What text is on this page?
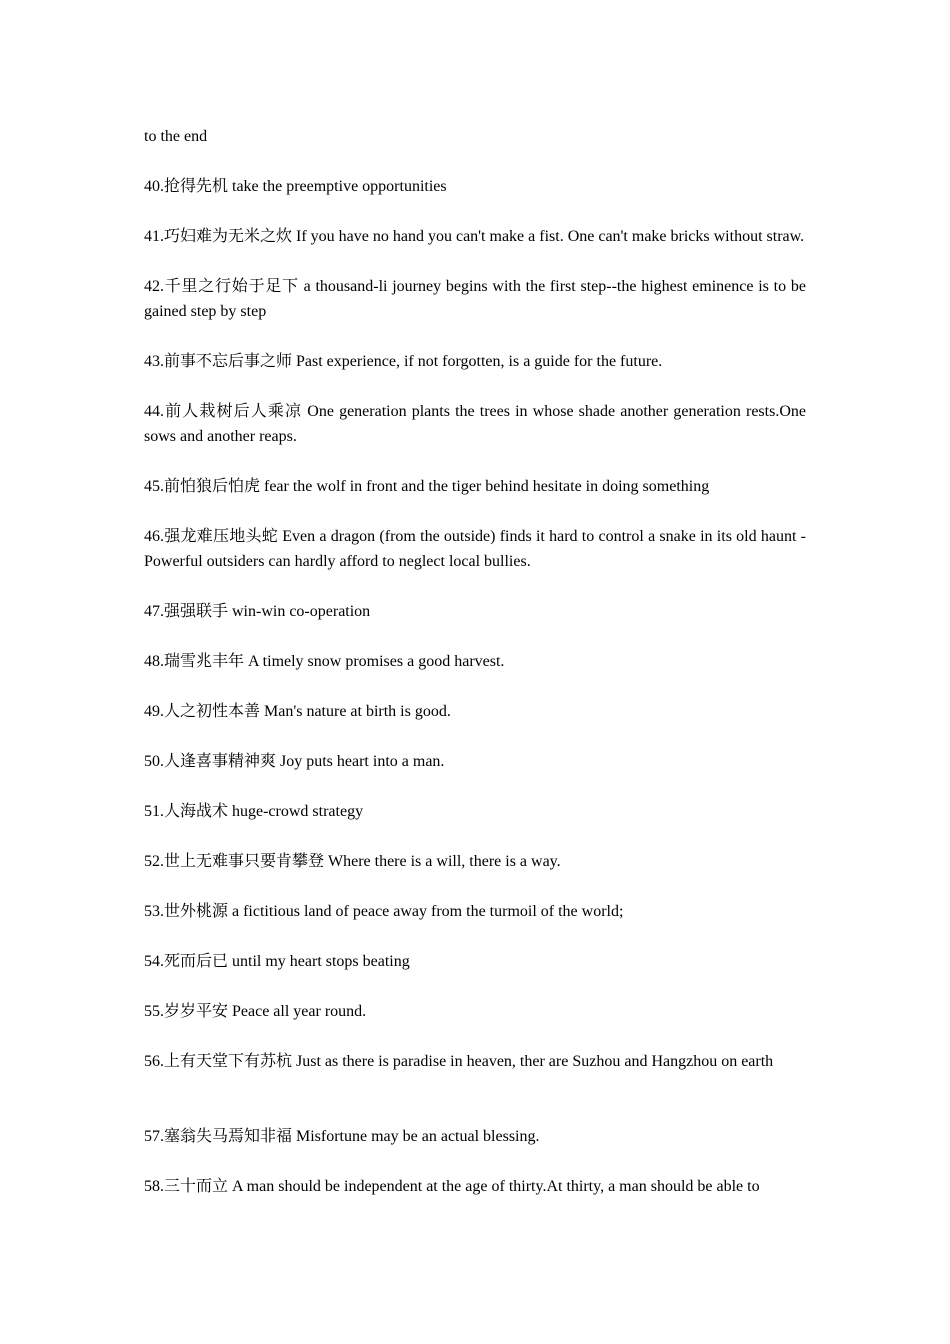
to the end

40.抢得先机 take the preemptive opportunities

41.巧妇难为无米之炊 If you have no hand you can't make a fist. One can't make bricks without straw.

42.千里之行始于足下 a thousand-li journey begins with the first step--the highest eminence is to be gained step by step

43.前事不忘后事之师 Past experience, if not forgotten, is a guide for the future.

44.前人栽树后人乘凉 One generation plants the trees in whose shade another generation rests.One sows and another reaps.

45.前怕狼后怕虎 fear the wolf in front and the tiger behind hesitate in doing something

46.强龙难压地头蛇 Even a dragon (from the outside) finds it hard to control a snake in its old haunt - Powerful outsiders can hardly afford to neglect local bullies.

47.强强联手 win-win co-operation

48.瑞雪兆丰年 A timely snow promises a good harvest.

49.人之初性本善 Man's nature at birth is good.

50.人逢喜事精神爽 Joy puts heart into a man.

51.人海战术 huge-crowd strategy

52.世上无难事只要肯攀登 Where there is a will, there is a way.

53.世外桃源 a fictitious land of peace away from the turmoil of the world;

54.死而后已 until my heart stops beating

55.岁岁平安 Peace all year round.

56.上有天堂下有苏杭 Just as there is paradise in heaven, ther are Suzhou and Hangzhou on earth

57.塞翁失马焉知非福 Misfortune may be an actual blessing.

58.三十而立 A man should be independent at the age of thirty.At thirty, a man should be able to
